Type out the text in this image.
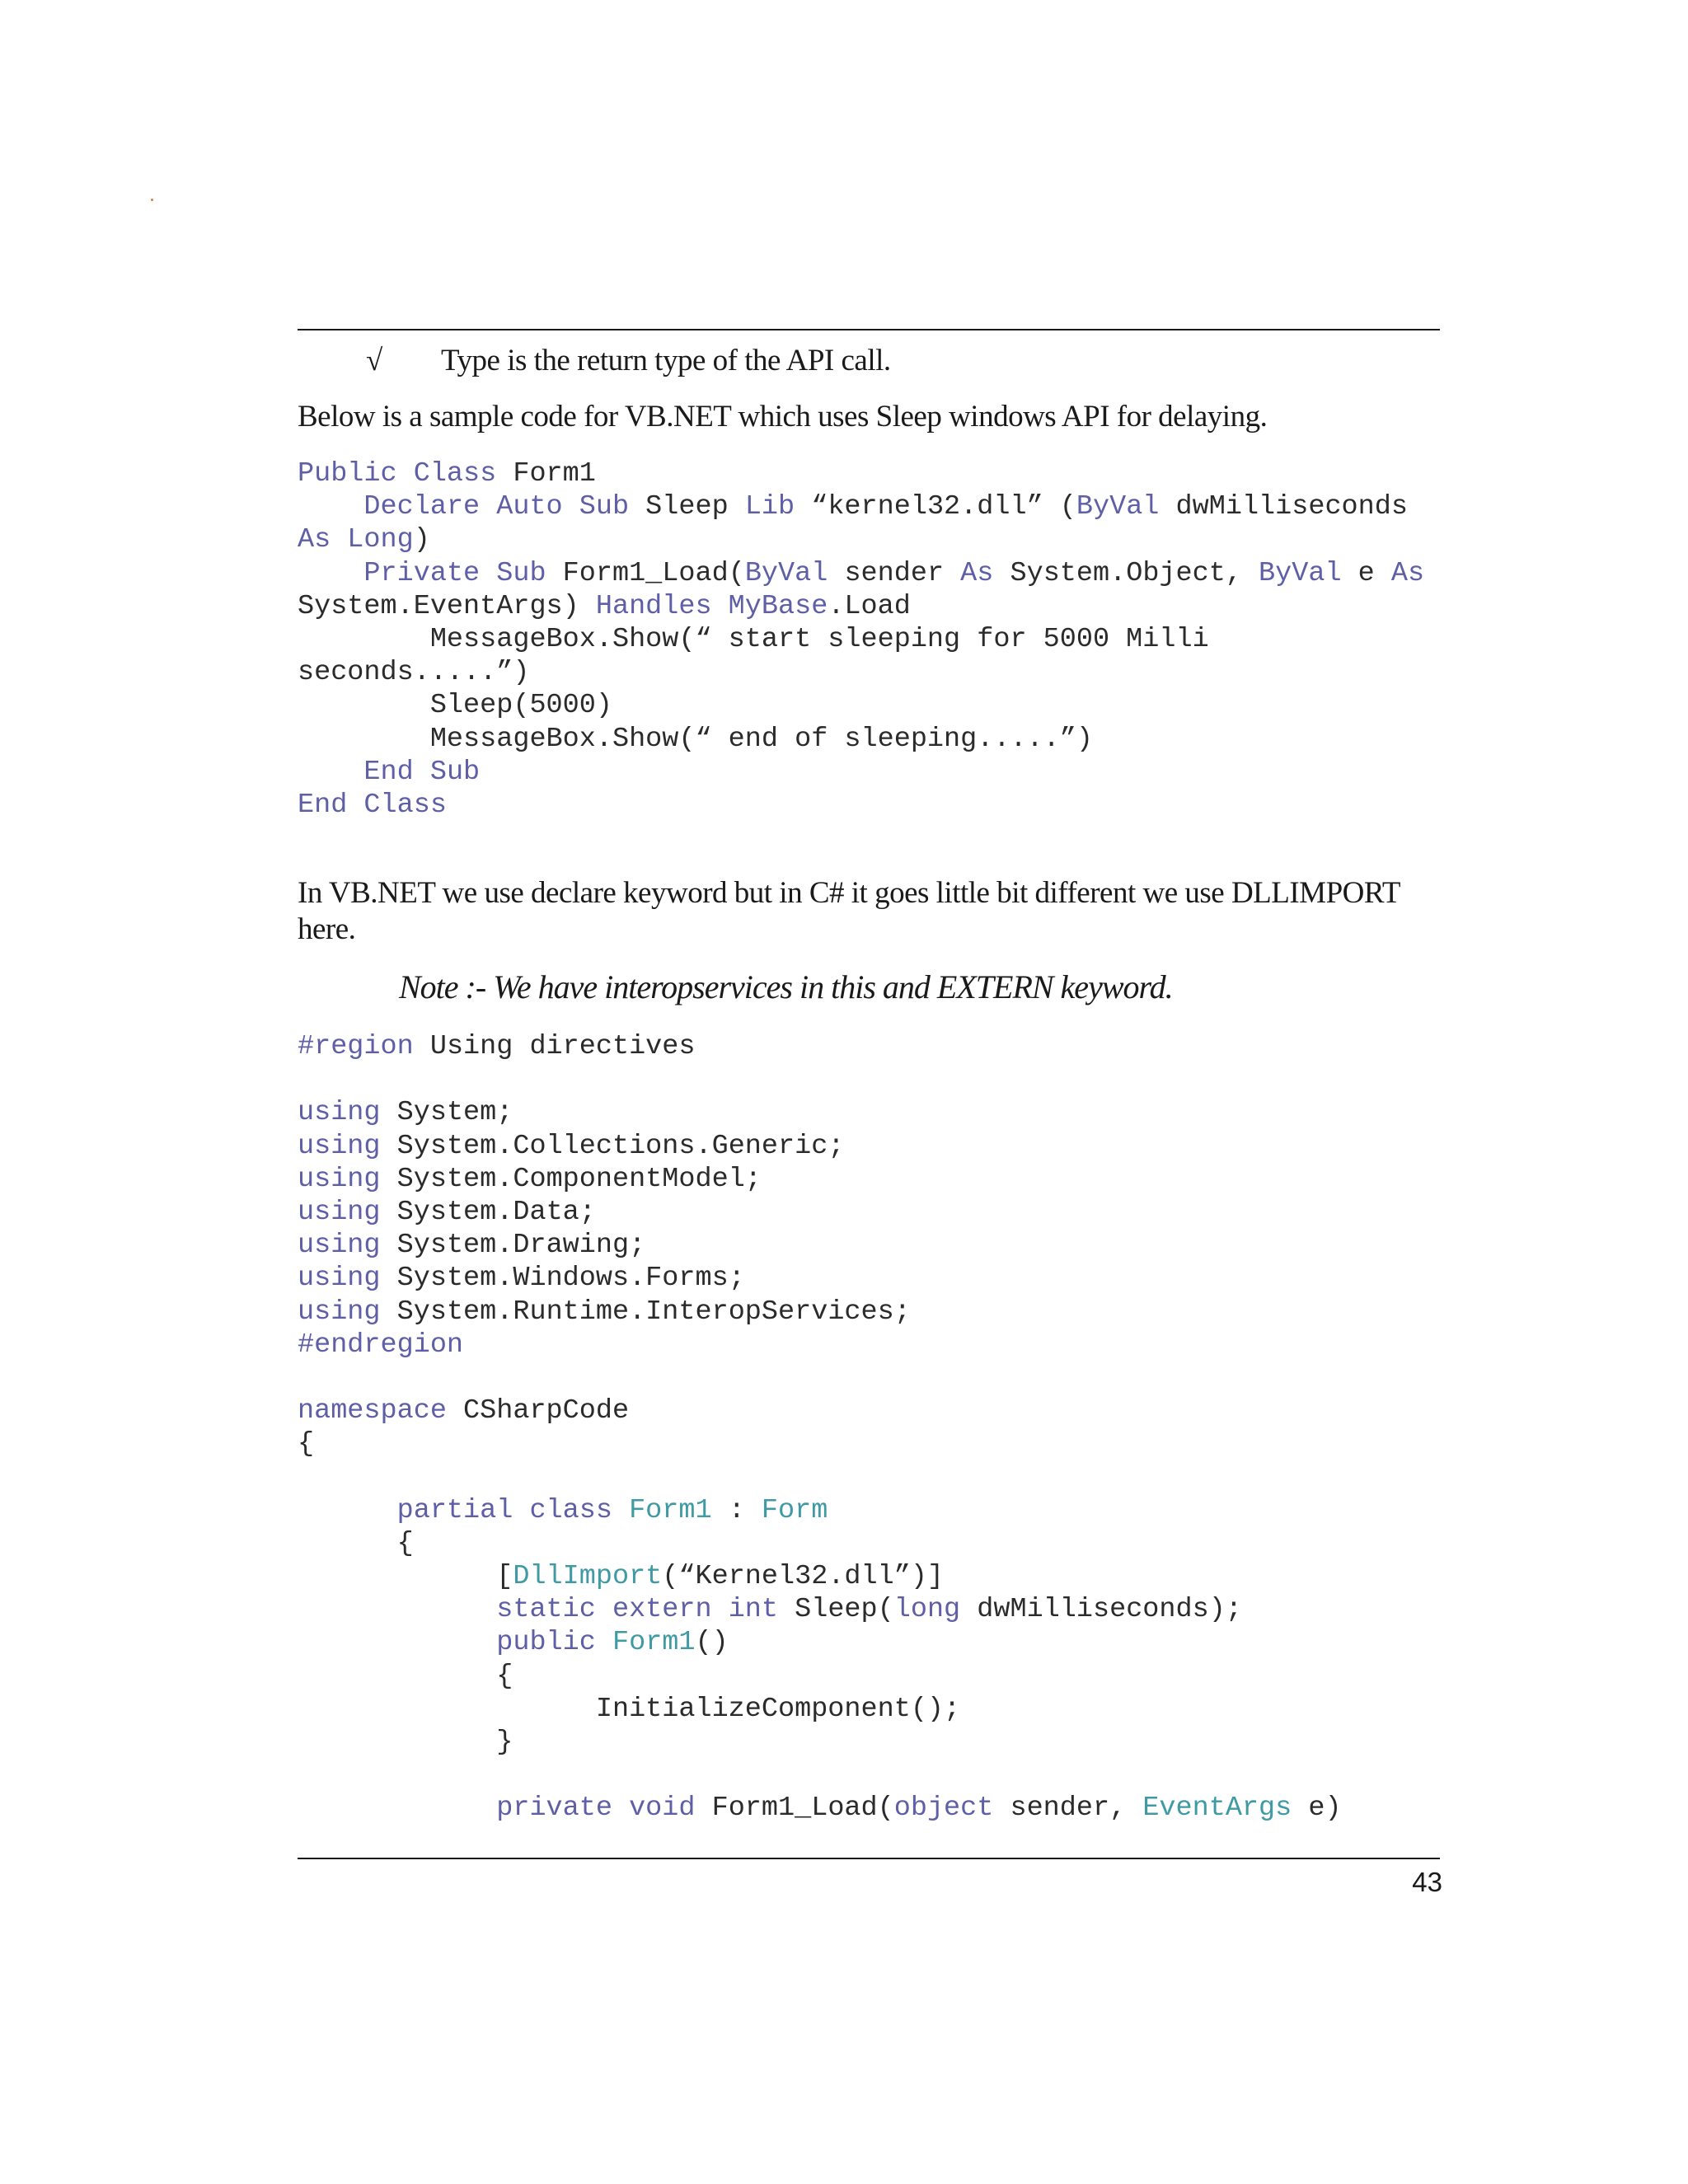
√ Type is the return type of the API call.
Below is a sample code for VB.NET which uses Sleep windows API for delaying.
Public Class Form1
Declare Auto Sub Sleep Lib “kernel32.dll” (ByVal dwMilliseconds
As Long)
Private Sub Form1_Load(ByVal sender As System.Object, ByVal e As
System.EventArgs) Handles MyBase.Load
MessageBox.Show(“ start sleeping for 5000 Milli
seconds.....”)
Sleep(5000)
MessageBox.Show(“ end of sleeping.....”)
End Sub
End Class
In VB.NET we use declare keyword but in C# it goes little bit different we use DLLIMPORT here.
Note :- We have interopservices in this and EXTERN keyword.
#region Using directives

using System;
using System.Collections.Generic;
using System.ComponentModel;
using System.Data;
using System.Drawing;
using System.Windows.Forms;
using System.Runtime.InteropServices;
#endregion

namespace CSharpCode
{

partial class Form1 : Form
{
[DllImport(“Kernel32.dll”)]
static extern int Sleep(long dwMilliseconds);
public Form1()
{
InitializeComponent();
}

private void Form1_Load(object sender, EventArgs e)
43
